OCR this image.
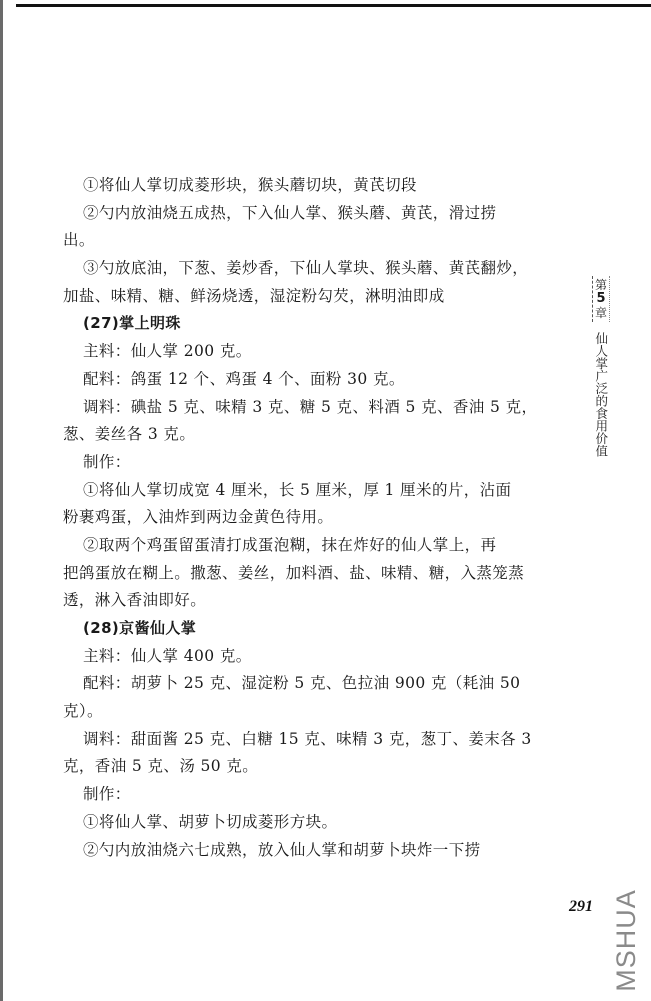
①将仙人掌切成菱形块，猴头蘑切块，黄芪切段
②勺内放油烧五成热，下入仙人掌、猴头蘑、黄芪，滑过捞
出。
③勺放底油，下葱、姜炒香，下仙人掌块、猴头蘑、黄芪翻炒，
加盐、味精、糖、鲜汤烧透，湿淀粉勾芡，淋明油即成
(27)掌上明珠
主料：仙人掌 200 克。
配料：鸽蛋 12 个、鸡蛋 4 个、面粉 30 克。
调料：碘盐 5 克、味精 3 克、糖 5 克、料酒 5 克、香油 5 克，
葱、姜丝各 3 克。
制作：
①将仙人掌切成宽 4 厘米，长 5 厘米，厚 1 厘米的片，沾面
粉裹鸡蛋，入油炸到两边金黄色待用。
②取两个鸡蛋留蛋清打成蛋泡糊，抹在炸好的仙人掌上，再
把鸽蛋放在糊上。撒葱、姜丝，加料酒、盐、味精、糖，入蒸笼蒸
透，淋入香油即好。
(28)京酱仙人掌
主料：仙人掌 400 克。
配料：胡萝卜 25 克、湿淀粉 5 克、色拉油 900 克（耗油 50
克）。
调料：甜面酱 25 克、白糖 15 克、味精 3 克，葱丁、姜末各 3
克，香油 5 克、汤 50 克。
制作：
①将仙人掌、胡萝卜切成菱形方块。
②勺内放油烧六七成熟，放入仙人掌和胡萝卜块炸一下捞
第
5
章
仙人掌广泛的食用价值
291 MSHUA
